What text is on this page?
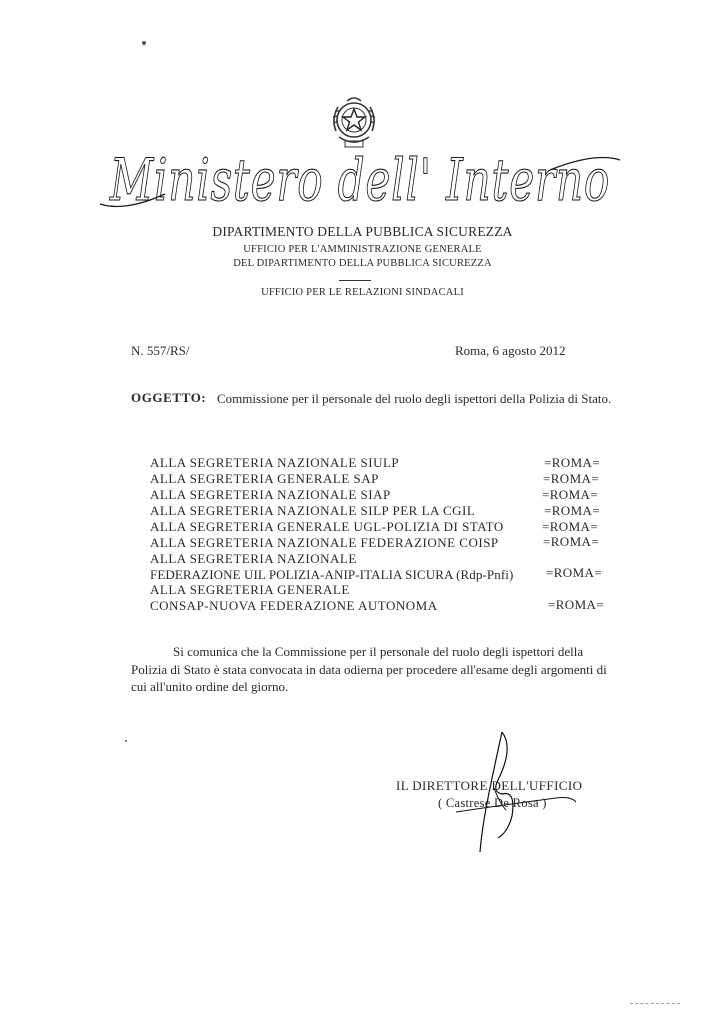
Ministero dell' Interno
DIPARTIMENTO DELLA PUBBLICA SICUREZZA
UFFICIO PER L'AMMINISTRAZIONE GENERALE
DEL DIPARTIMENTO DELLA PUBBLICA SICUREZZA
UFFICIO PER LE RELAZIONI SINDACALI
N. 557/RS/	Roma, 6 agosto 2012
OGGETTO: Commissione per il personale del ruolo degli ispettori della Polizia di Stato.
ALLA SEGRETERIA NAZIONALE SIULP	=ROMA=
ALLA SEGRETERIA GENERALE SAP	=ROMA=
ALLA SEGRETERIA NAZIONALE SIAP	=ROMA=
ALLA SEGRETERIA NAZIONALE SILP PER LA CGIL	=ROMA=
ALLA SEGRETERIA GENERALE UGL-POLIZIA DI STATO	=ROMA=
ALLA SEGRETERIA NAZIONALE FEDERAZIONE COISP	=ROMA=
ALLA SEGRETERIA NAZIONALE
FEDERAZIONE UIL POLIZIA-ANIP-ITALIA SICURA (Rdp-Pnfi)	=ROMA=
ALLA SEGRETERIA GENERALE
CONSAP-NUOVA FEDERAZIONE AUTONOMA	=ROMA=
Si comunica che la Commissione per il personale del ruolo degli ispettori della Polizia di Stato è stata convocata in data odierna per procedere all'esame degli argomenti di cui all'unito ordine del giorno.
IL DIRETTORE DELL'UFFICIO
( Castrese De Rosa )
